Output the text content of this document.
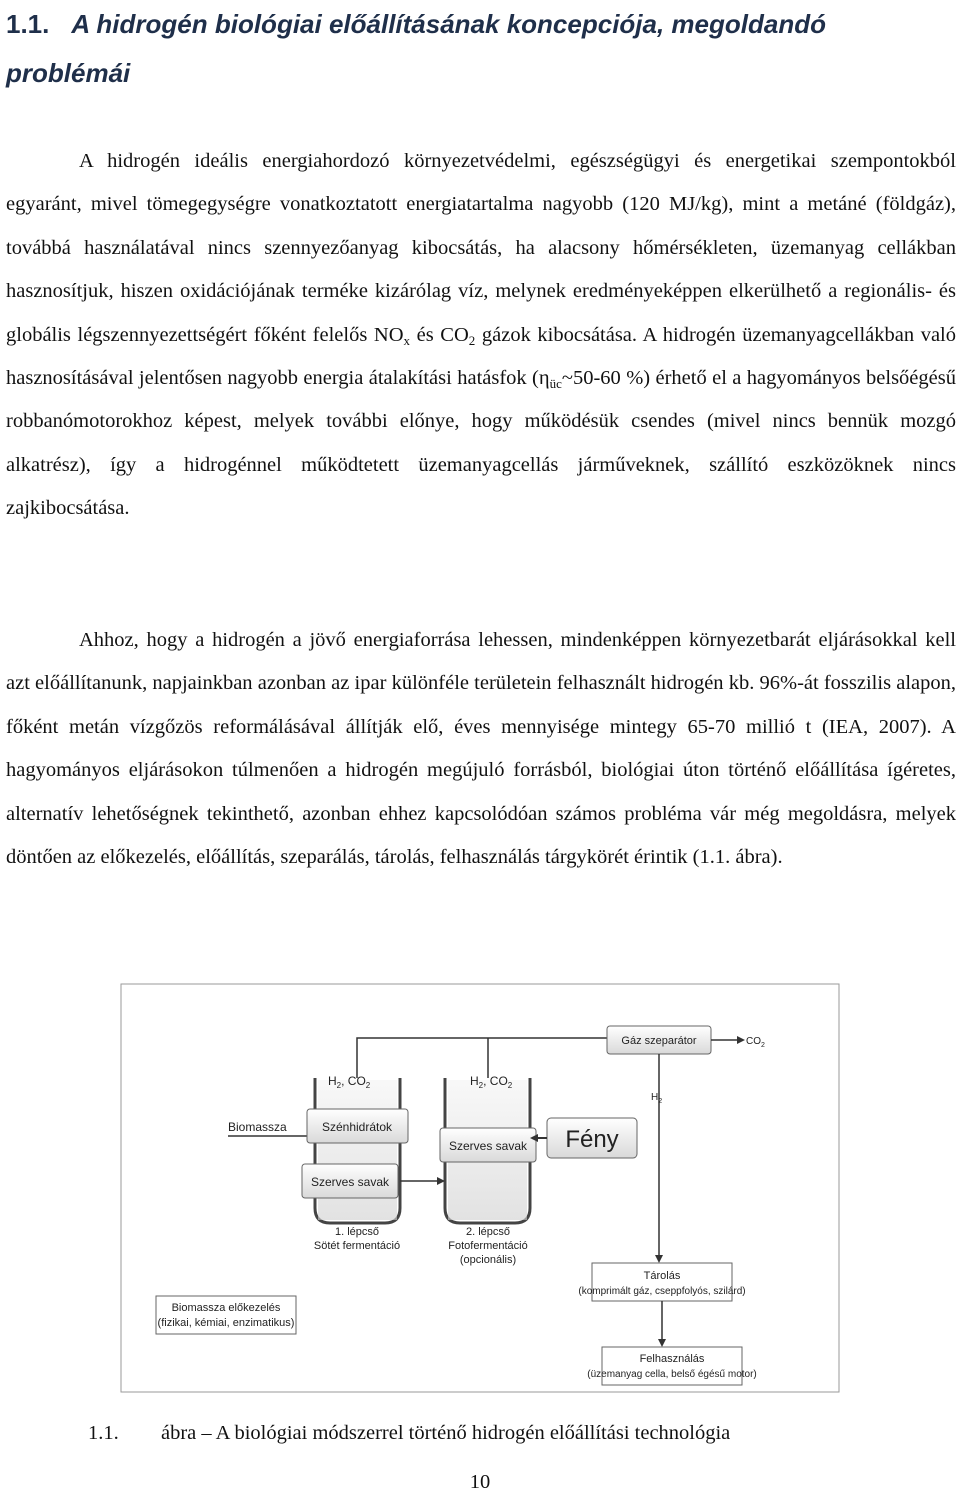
1.1. A hidrogén biológiai előállításának koncepciója, megoldandó problémái

A hidrogén ideális energiahordozó környezetvédelmi, egészségügyi és energetikai szempontokból egyaránt, mivel tömegegységre vonatkoztatott energiatartalma nagyobb (120 MJ/kg), mint a metáné (földgáz), továbbá használatával nincs szennyezőanyag kibocsátás, ha alacsony hőmérsékleten, üzemanyag cellákban hasznosítjuk, hiszen oxidációjának terméke kizárólag víz, melynek eredményeképpen elkerülhető a regionális- és globális légszennyezettségért főként felelős $NO_x$ és $CO_2$ gázok kibocsátása. A hidrogén üzemanyagcellákban való hasznosításával jelentősen nagyobb energia átalakítási hatásfok ($\eta_{üc}\sim 50-60$ %) érhető el a hagyományos belsőégésű robbanómotorokhoz képest, melyek további előnye, hogy működésük csendes (mivel nincs bennük mozgó alkatrész), így a hidrogénnel működtetett üzemanyagcellás járműveknek, szállító eszközöknek nincs zajkibocsátása.

Ahhoz, hogy a hidrogén a jövő energiaforrása lehessen, mindenképpen környezetbarát eljárásokkal kell azt előállítanunk, napjainkban azonban az ipar különféle területein felhasznált hidrogén kb. 96%-át fosszilis alapon, főként metán vízgőzös reformálásával állítják elő, éves mennyisége mintegy 65-70 millió t (IEA, 2007). A hagyományos eljárásokon túlmenően a hidrogén megújuló forrásból, biológiai úton történő előállítása ígéretes, alternatív lehetőségnek tekinthető, azonban ehhez kapcsolódóan számos probléma vár még megoldásra, melyek döntően az előkezelés, előállítás, szeparálás, tárolás, felhasználás tárgykörét érintik (1.1. ábra).

$H_2$, $CO_2$	$H_2$, $CO_2$
Biomassza	Szénhidrátok
Szerves savak
Szerves savak
1. lépcső
Sötét fermentáció
2. lépcső
Fotofermentáció
(opcionális)
Fény
Gáz szeparátor	$CO_2$
$H_2$
Tárolás
(komprimált gáz, cseppfolyós, szilárd)
Biomassza előkezelés
(fizikai, kémiai, enzimatikus)
Felhasználás
(üzemanyag cella, belső égésű motor)
1.1. ábra – A biológiai módszerrel történő hidrogén előállítási technológia
10
